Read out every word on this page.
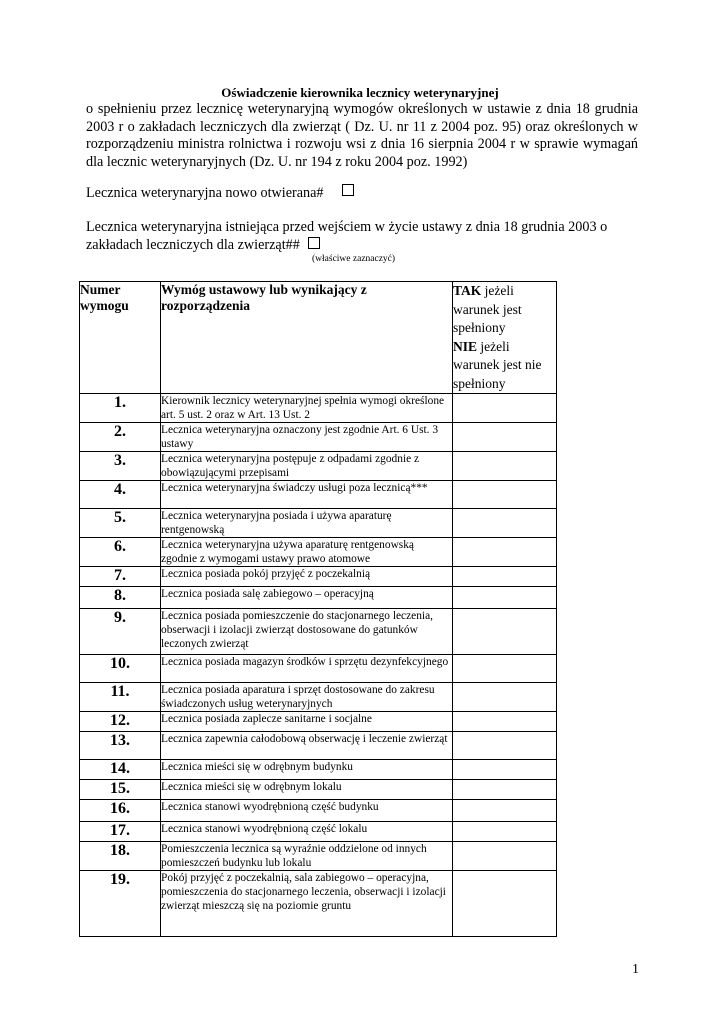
Oświadczenie kierownika lecznicy weterynaryjnej
o spełnieniu przez lecznicę weterynaryjną wymogów określonych w ustawie z dnia 18 grudnia 2003 r o zakładach leczniczych dla zwierząt ( Dz. U. nr 11 z 2004 poz. 95) oraz określonych w rozporządzeniu ministra rolnictwa i rozwoju wsi z dnia 16 sierpnia 2004 r w sprawie wymagań dla lecznic weterynaryjnych (Dz. U. nr 194 z roku 2004 poz. 1992)
Lecznica weterynaryjna nowo otwierana#
Lecznica weterynaryjna istniejąca przed wejściem w życie ustawy z dnia 18 grudnia 2003 o zakładach leczniczych dla zwierząt##
(właściwe zaznaczyć)
Numer wymogu	Wymóg ustawowy lub wynikający z rozporządzenia	TAK jeżeli warunek jest spełniony
NIE jeżeli warunek jest nie spełniony
1.	Kierownik lecznicy weterynaryjnej spełnia wymogi określone art. 5 ust. 2 oraz w Art. 13 Ust. 2	
2.	Lecznica weterynaryjna oznaczony jest zgodnie Art. 6 Ust. 3 ustawy	
3.	Lecznica weterynaryjna postępuje z odpadami zgodnie z obowiązującymi przepisami	
4.	Lecznica weterynaryjna świadczy usługi poza lecznicą***	
5.	Lecznica weterynaryjna posiada i używa aparaturę rentgenowską	
6.	Lecznica weterynaryjna używa aparaturę rentgenowską zgodnie z wymogami ustawy prawo atomowe	
7.	Lecznica posiada pokój przyjęć z poczekalnią	
8.	Lecznica posiada salę zabiegowo – operacyjną	
9.	Lecznica posiada pomieszczenie do stacjonarnego leczenia, obserwacji i izolacji zwierząt dostosowane do gatunków leczonych zwierząt	
10.	Lecznica posiada magazyn środków i sprzętu dezynfekcyjnego	
11.	Lecznica posiada aparatura i sprzęt dostosowane do zakresu świadczonych usług weterynaryjnych	
12.	Lecznica posiada zaplecze sanitarne i socjalne	
13.	Lecznica zapewnia całodobową obserwację i leczenie zwierząt	
14.	Lecznica mieści się w odrębnym budynku	
15.	Lecznica mieści się w odrębnym lokalu	
16.	Lecznica stanowi wyodrębnioną część budynku	
17.	Lecznica stanowi wyodrębnioną część lokalu	
18.	Pomieszczenia lecznica są wyraźnie oddzielone od innych pomieszczeń budynku lub lokalu	
19.	Pokój przyjęć z poczekalnią, sala zabiegowo – operacyjna, pomieszczenia do stacjonarnego leczenia, obserwacji i izolacji zwierząt mieszczą się na poziomie gruntu	
1
